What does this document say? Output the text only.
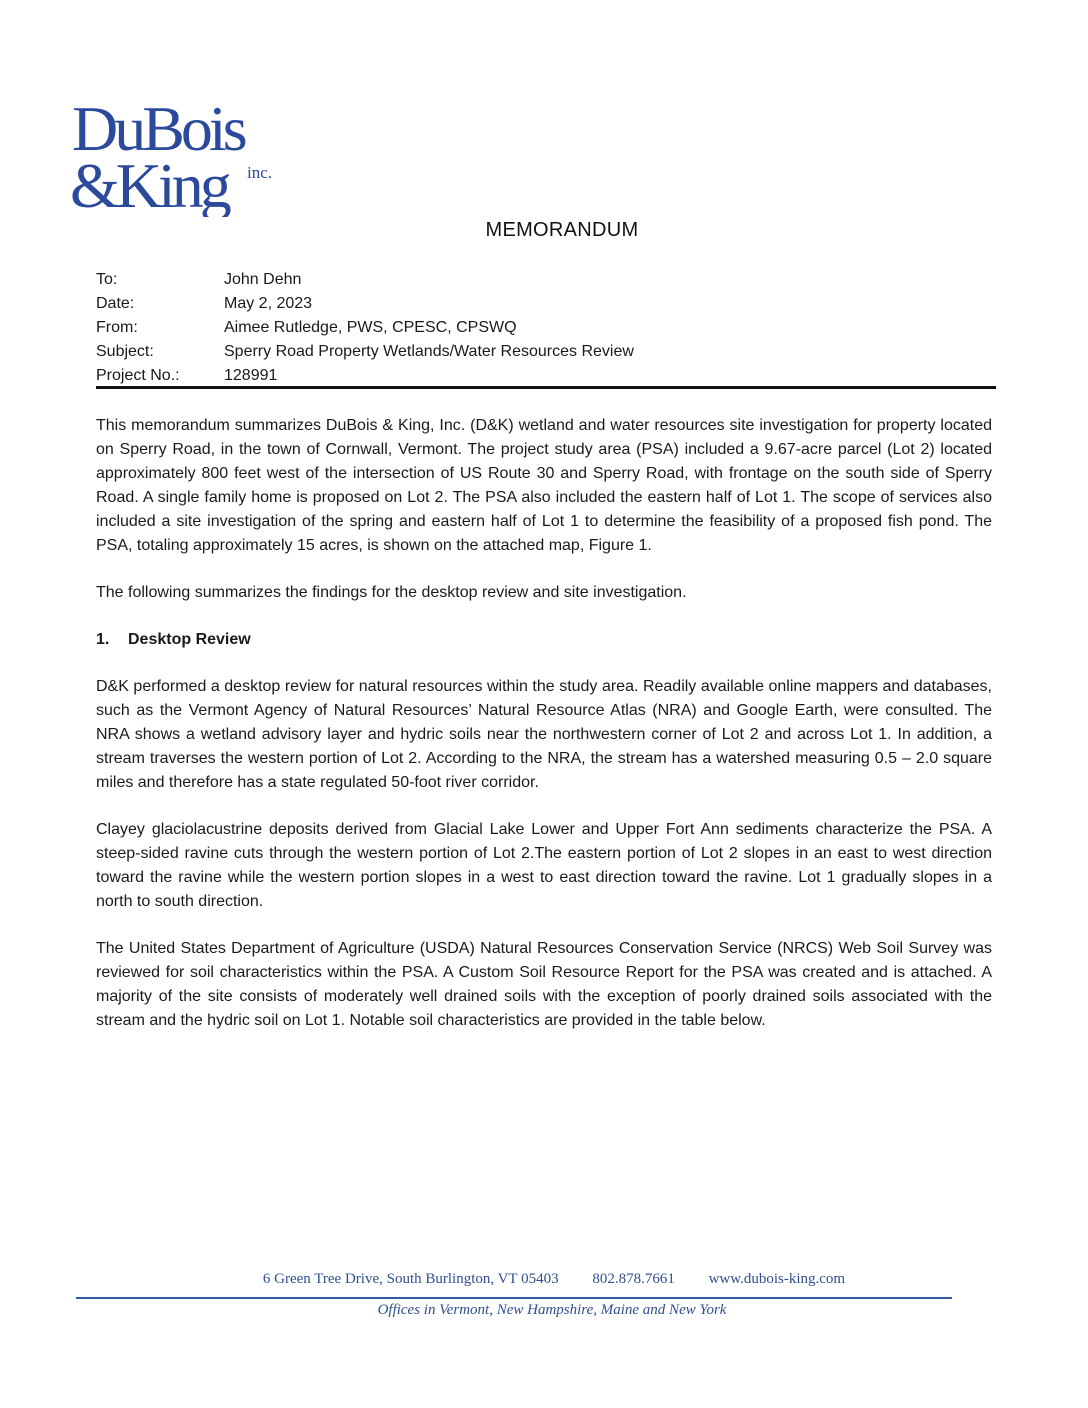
DuBois
&King inc.
MEMORANDUM
To:	John Dehn
Date:	May 2, 2023
From:	Aimee Rutledge, PWS, CPESC, CPSWQ
Subject:	Sperry Road Property Wetlands/Water Resources Review
Project No.:	128991

This memorandum summarizes DuBois & King, Inc. (D&K) wetland and water resources site investigation for property located on Sperry Road, in the town of Cornwall, Vermont. The project study area (PSA) included a 9.67-acre parcel (Lot 2) located approximately 800 feet west of the intersection of US Route 30 and Sperry Road, with frontage on the south side of Sperry Road. A single family home is proposed on Lot 2. The PSA also included the eastern half of Lot 1. The scope of services also included a site investigation of the spring and eastern half of Lot 1 to determine the feasibility of a proposed fish pond. The PSA, totaling approximately 15 acres, is shown on the attached map, Figure 1.

The following summarizes the findings for the desktop review and site investigation.

1. Desktop Review

D&K performed a desktop review for natural resources within the study area. Readily available online mappers and databases, such as the Vermont Agency of Natural Resources’ Natural Resource Atlas (NRA) and Google Earth, were consulted. The NRA shows a wetland advisory layer and hydric soils near the northwestern corner of Lot 2 and across Lot 1. In addition, a stream traverses the western portion of Lot 2. According to the NRA, the stream has a watershed measuring 0.5 – 2.0 square miles and therefore has a state regulated 50-foot river corridor.

Clayey glaciolacustrine deposits derived from Glacial Lake Lower and Upper Fort Ann sediments characterize the PSA. A steep-sided ravine cuts through the western portion of Lot 2.The eastern portion of Lot 2 slopes in an east to west direction toward the ravine while the western portion slopes in a west to east direction toward the ravine. Lot 1 gradually slopes in a north to south direction.

The United States Department of Agriculture (USDA) Natural Resources Conservation Service (NRCS) Web Soil Survey was reviewed for soil characteristics within the PSA. A Custom Soil Resource Report for the PSA was created and is attached. A majority of the site consists of moderately well drained soils with the exception of poorly drained soils associated with the stream and the hydric soil on Lot 1. Notable soil characteristics are provided in the table below.

6 Green Tree Drive, South Burlington, VT 05403 802.878.7661 www.dubois-king.com
Offices in Vermont, New Hampshire, Maine and New York
